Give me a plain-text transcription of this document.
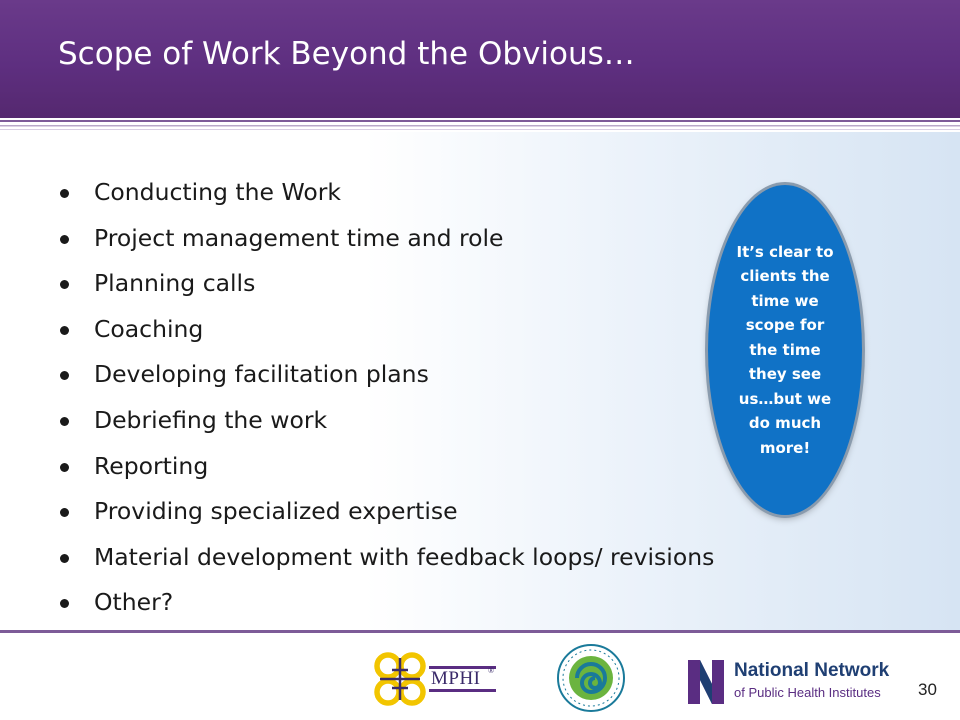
Scope of Work Beyond the Obvious…
Conducting the Work
Project management time and role
Planning calls
Coaching
Developing facilitation plans
Debriefing the work
Reporting
Providing specialized expertise
Material development with feedback loops/ revisions
Other?
It’s clear to clients the time we scope for the time they see us…but we do much more!
MPHI ®	National Network
of Public Health Institutes 30
